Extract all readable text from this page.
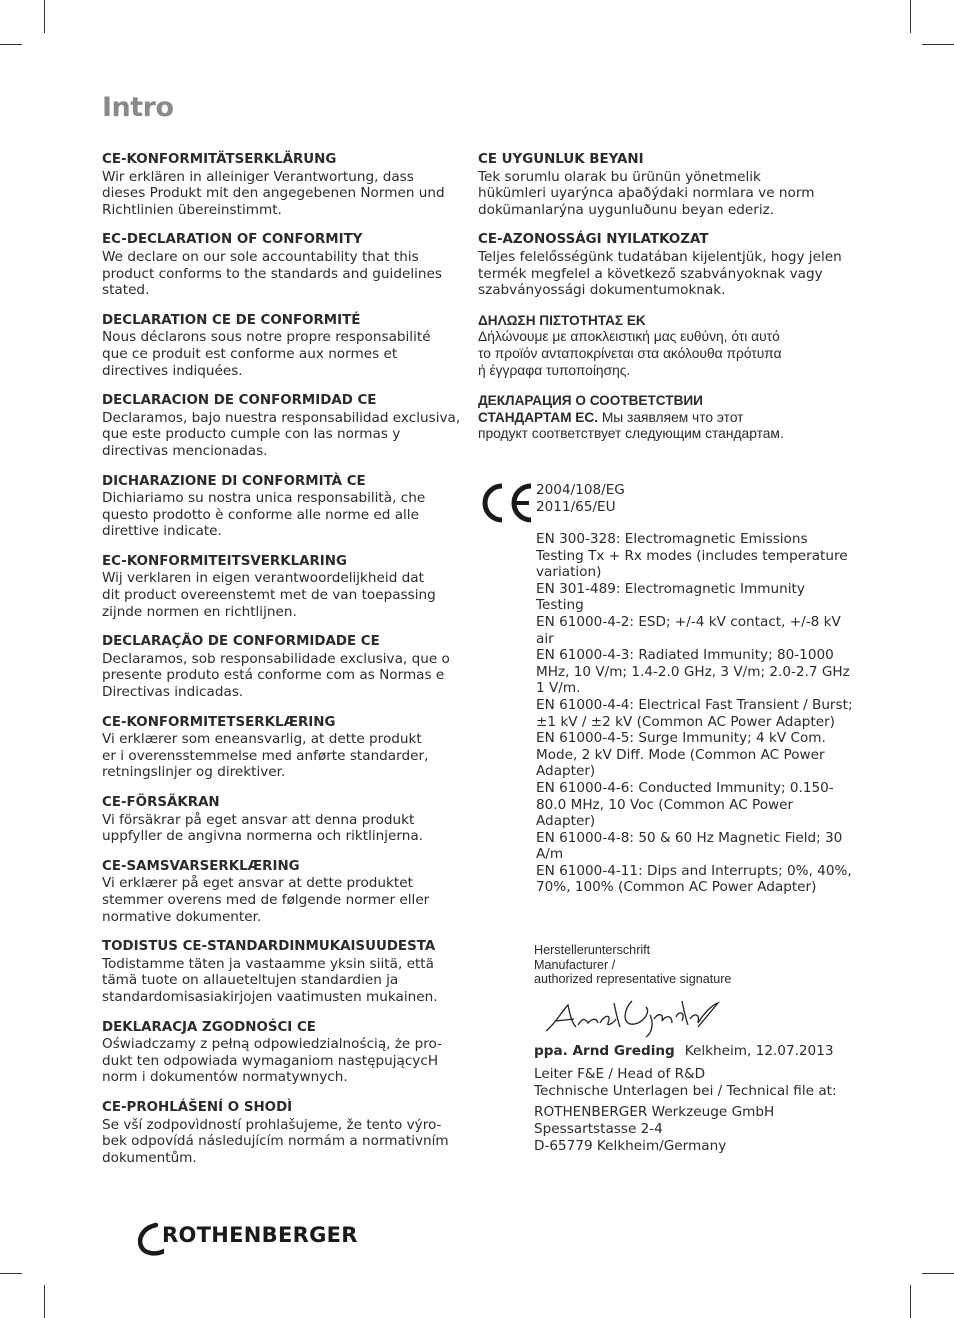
Intro
CE-KONFORMITÄTSERKLÄRUNG
Wir erklären in alleiniger Verantwortung, dass
dieses Produkt mit den angegebenen Normen und
Richtlinien übereinstimmt.
EC-DECLARATION OF CONFORMITY
We declare on our sole accountability that this
product conforms to the standards and guidelines
stated.
DECLARATION CE DE CONFORMITÉ
Nous déclarons sous notre propre responsabilité
que ce produit est conforme aux normes et
directives indiquées.
DECLARACION DE CONFORMIDAD CE
Declaramos, bajo nuestra responsabilidad exclusiva,
que este producto cumple con las normas y
directivas mencionadas.
DICHARAZIONE DI CONFORMITÀ CE
Dichiariamo su nostra unica responsabilità, che
questo prodotto è conforme alle norme ed alle
direttive indicate.
EC-KONFORMITEITSVERKLARING
Wij verklaren in eigen verantwoordelijkheid dat
dit product overeenstemt met de van toepassing
zijnde normen en richtlijnen.
DECLARAÇÃO DE CONFORMIDADE CE
Declaramos, sob responsabilidade exclusiva, que o
presente produto está conforme com as Normas e
Directivas indicadas.
CE-KONFORMITETSERKLÆRING
Vi erklærer som eneansvarlig, at dette produkt
er i overensstemmelse med anførte standarder,
retningslinjer og direktiver.
CE-FÖRSÄKRAN
Vi försäkrar på eget ansvar att denna produkt
uppfyller de angivna normerna och riktlinjerna.
CE-SAMSVARSERKLÆRING
Vi erklærer på eget ansvar at dette produktet
stemmer overens med de følgende normer eller
normative dokumenter.
TODISTUS CE-STANDARDINMUKAISUUDESTA
Todistamme täten ja vastaamme yksin siitä, että
tämä tuote on allaueteltujen standardien ja
standardomisasiakirjojen vaatimusten mukainen.
DEKLARACJA ZGODNOŚCI CE
Oświadczamy z pełną odpowiedzialnością, że pro-
dukt ten odpowiada wymaganiom następującycH
norm i dokumentów normatywnych.
CE-PROHLÁŠENÍ O SHODÌ
Se vší zodpovìdností prohlašujeme, že tento výro-
bek odpovídá následujícím normám a normativním
dokumentům.
CE UYGUNLUK BEYANI
Tek sorumlu olarak bu ürünün yönetmelik
hükümleri uyarýnca aþaðýdaki normlara ve norm
dokümanlarýna uygunluðunu beyan ederiz.
CE-AZONOSSÁGI NYILATKOZAT
Teljes felelősségünk tudatában kijelentjük, hogy jelen
termék megfelel a következő szabványoknak vagy
szabványossági dokumentumoknak.
ΔΗΛΩΣΗ ΠΙΣΤΟΤΗΤΑΣ ΕΚ
Δήλώνουμε με αποκλειστική μας ευθύνη, ότι αυτό
το προϊόν ανταποκρίνεται στα ακόλουθα πρότυπα
ή έγγραφα τυποποίησης.
ДЕКЛАРАЦИЯ О СООТВЕТСТВИИ
СТАНДАРТАМ ЕС. Мы заявляем что этот
продукт соответствует следующим стандартам.
2004/108/EG
2011/65/EU
EN 300-328: Electromagnetic Emissions Testing Tx + Rx modes (includes temperature variation)
EN 301-489: Electromagnetic Immunity Testing
EN 61000-4-2: ESD; +/-4 kV contact, +/-8 kV air
EN 61000-4-3: Radiated Immunity; 80-1000 MHz, 10 V/m; 1.4-2.0 GHz, 3 V/m; 2.0-2.7 GHz 1 V/m.
EN 61000-4-4: Electrical Fast Transient / Burst; ±1 kV / ±2 kV (Common AC Power Adapter)
EN 61000-4-5: Surge Immunity; 4 kV Com. Mode, 2 kV Diff. Mode (Common AC Power Adapter)
EN 61000-4-6: Conducted Immunity; 0.150-80.0 MHz, 10 Voc (Common AC Power Adapter)
EN 61000-4-8: 50 & 60 Hz Magnetic Field; 30 A/m
EN 61000-4-11: Dips and Interrupts; 0%, 40%, 70%, 100% (Common AC Power Adapter)
Herstellerunterschrift
Manufacturer /
authorized representative signature
ppa. Arnd Greding Kelkheim, 12.07.2013
Leiter F&E / Head of R&D
Technische Unterlagen bei / Technical file at:
ROTHENBERGER Werkzeuge GmbH
Spessartstasse 2-4
D-65779 Kelkheim/Germany
ROTHENBERGER
